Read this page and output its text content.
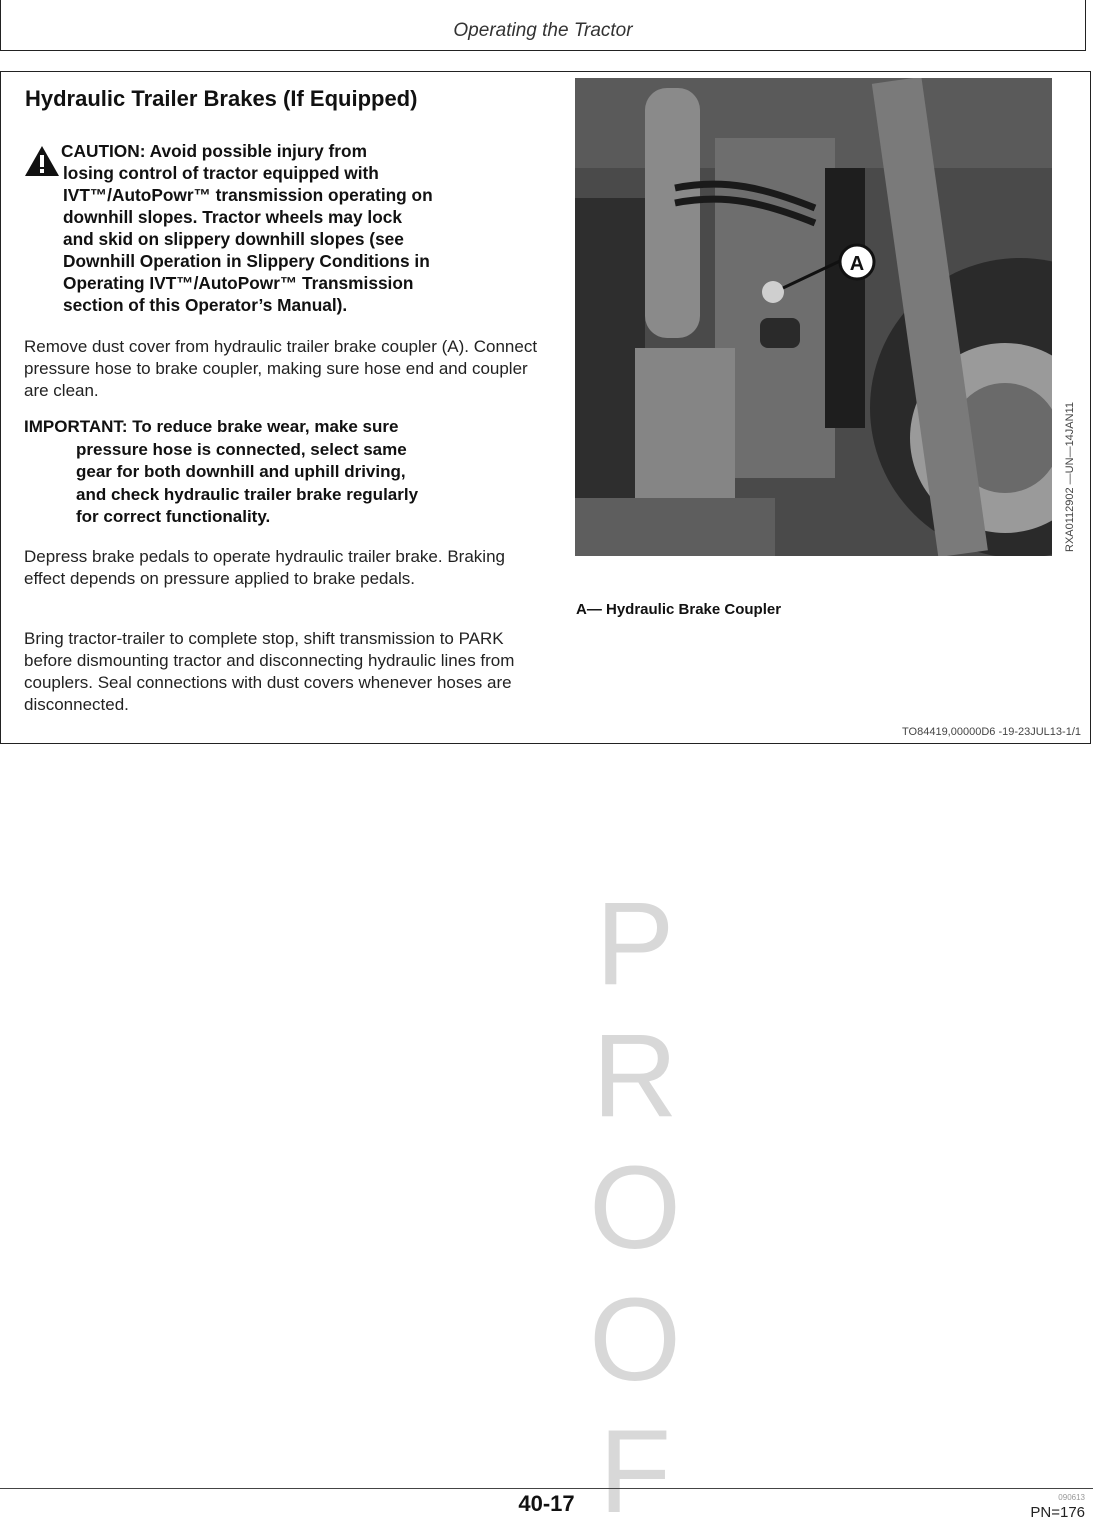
Operating the Tractor
Hydraulic Trailer Brakes (If Equipped)
CAUTION: Avoid possible injury from
losing control of tractor equipped with
IVT™/AutoPowr™ transmission operating on
downhill slopes. Tractor wheels may lock
and skid on slippery downhill slopes (see
Downhill Operation in Slippery Conditions in
Operating IVT™/AutoPowr™ Transmission
section of this Operator’s Manual).
Remove dust cover from hydraulic trailer brake coupler (A). Connect pressure hose to brake coupler, making sure hose end and coupler are clean.
IMPORTANT: To reduce brake wear, make sure
pressure hose is connected, select same
gear for both downhill and uphill driving,
and check hydraulic trailer brake regularly
for correct functionality.
Depress brake pedals to operate hydraulic trailer brake. Braking effect depends on pressure applied to brake pedals.
Bring tractor-trailer to complete stop, shift transmission to PARK before dismounting tractor and disconnecting hydraulic lines from couplers. Seal connections with dust covers whenever hoses are disconnected.
A
RXA0112902 —UN—14JAN11
A— Hydraulic Brake Coupler
TO84419,00000D6 -19-23JUL13-1/1
P
R
O
O
F
40-17	090613
PN=176
